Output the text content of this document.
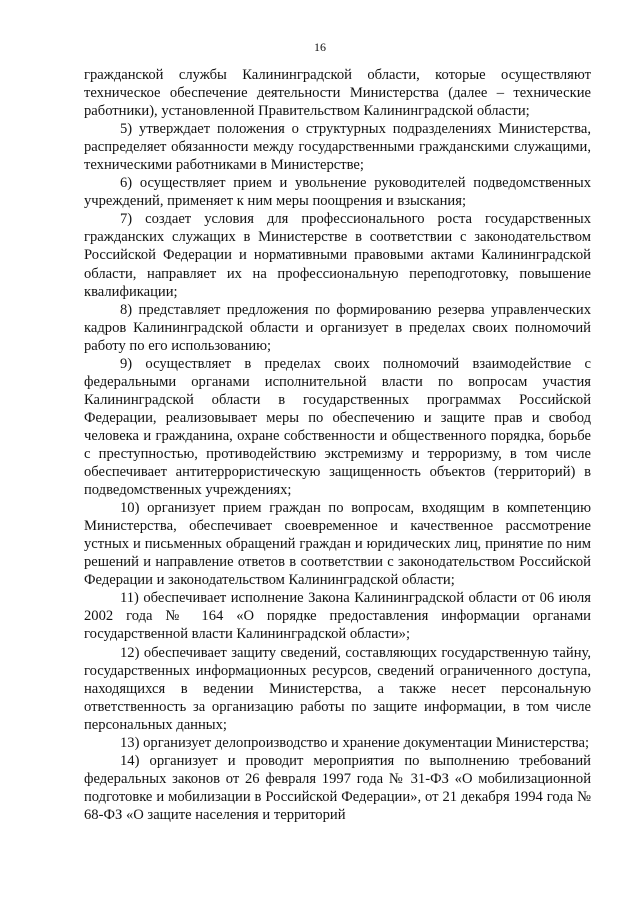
16

гражданской службы Калининградской области, которые осуществляют техническое обеспечение деятельности Министерства (далее – технические работники), установленной Правительством Калининградской области;

5) утверждает положения о структурных подразделениях Министерства, распределяет обязанности между государственными гражданскими служащими, техническими работниками в Министерстве;

6) осуществляет прием и увольнение руководителей подведомственных учреждений, применяет к ним меры поощрения и взыскания;

7) создает условия для профессионального роста государственных гражданских служащих в Министерстве в соответствии с законодательством Российской Федерации и нормативными правовыми актами Калининградской области, направляет их на профессиональную переподготовку, повышение квалификации;

8) представляет предложения по формированию резерва управленческих кадров Калининградской области и организует в пределах своих полномочий работу по его использованию;

9) осуществляет в пределах своих полномочий взаимодействие с федеральными органами исполнительной власти по вопросам участия Калининградской области в государственных программах Российской Федерации, реализовывает меры по обеспечению и защите прав и свобод человека и гражданина, охране собственности и общественного порядка, борьбе с преступностью, противодействию экстремизму и терроризму, в том числе обеспечивает антитеррористическую защищенность объектов (территорий) в подведомственных учреждениях;

10) организует прием граждан по вопросам, входящим в компетенцию Министерства, обеспечивает своевременное и качественное рассмотрение устных и письменных обращений граждан и юридических лиц, принятие по ним решений и направление ответов в соответствии с законодательством Российской Федерации и законодательством Калининградской области;

11) обеспечивает исполнение Закона Калининградской области от 06 июля 2002 года № 164 «О порядке предоставления информации органами государственной власти Калининградской области»;

12) обеспечивает защиту сведений, составляющих государственную тайну, государственных информационных ресурсов, сведений ограниченного доступа, находящихся в ведении Министерства, а также несет персональную ответственность за организацию работы по защите информации, в том числе персональных данных;

13) организует делопроизводство и хранение документации Министерства;

14) организует и проводит мероприятия по выполнению требований федеральных законов от 26 февраля 1997 года № 31-ФЗ «О мобилизационной подготовке и мобилизации в Российской Федерации», от 21 декабря 1994 года № 68-ФЗ «О защите населения и территорий
